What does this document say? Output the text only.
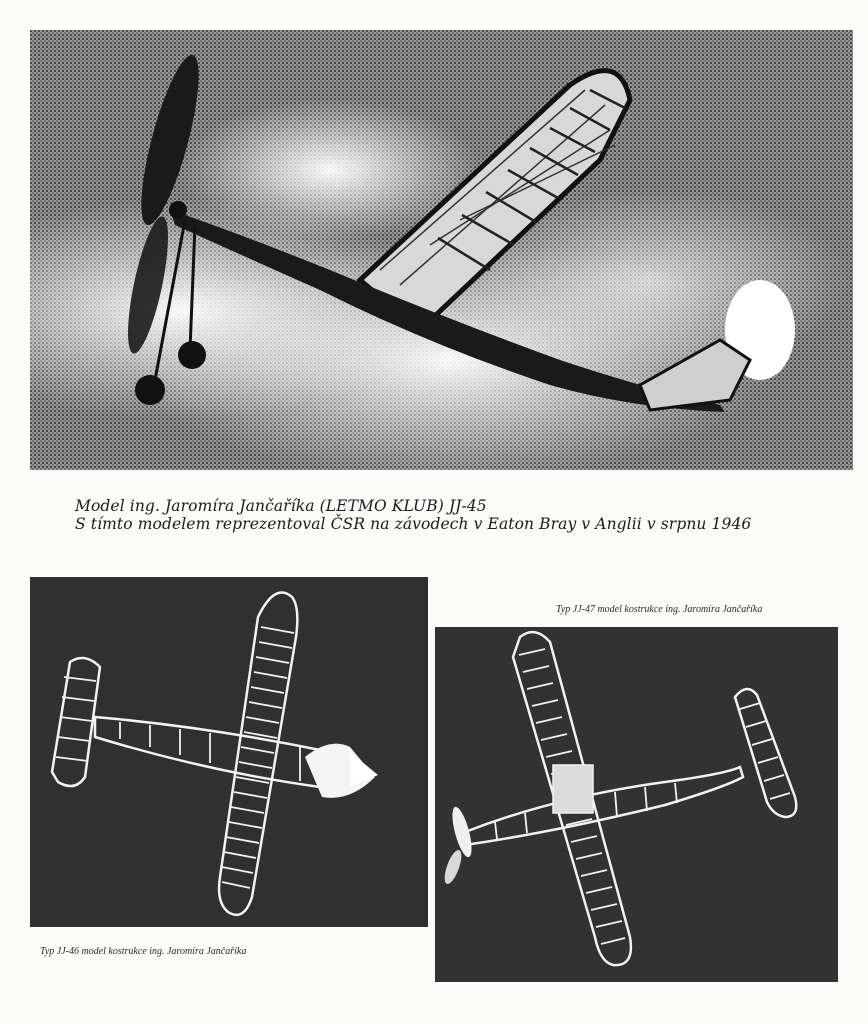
Model ing. Jaromíra Jančaříka (LETMO KLUB) JJ-45
S tímto modelem reprezentoval ČSR na závodech v Eaton Bray v Anglii v srpnu 1946
Typ JJ-47 model kostrukce ing. Jaromíra Jančaříka
Typ JJ-46 model kostrukce ing. Jaromíra Jančaříka
